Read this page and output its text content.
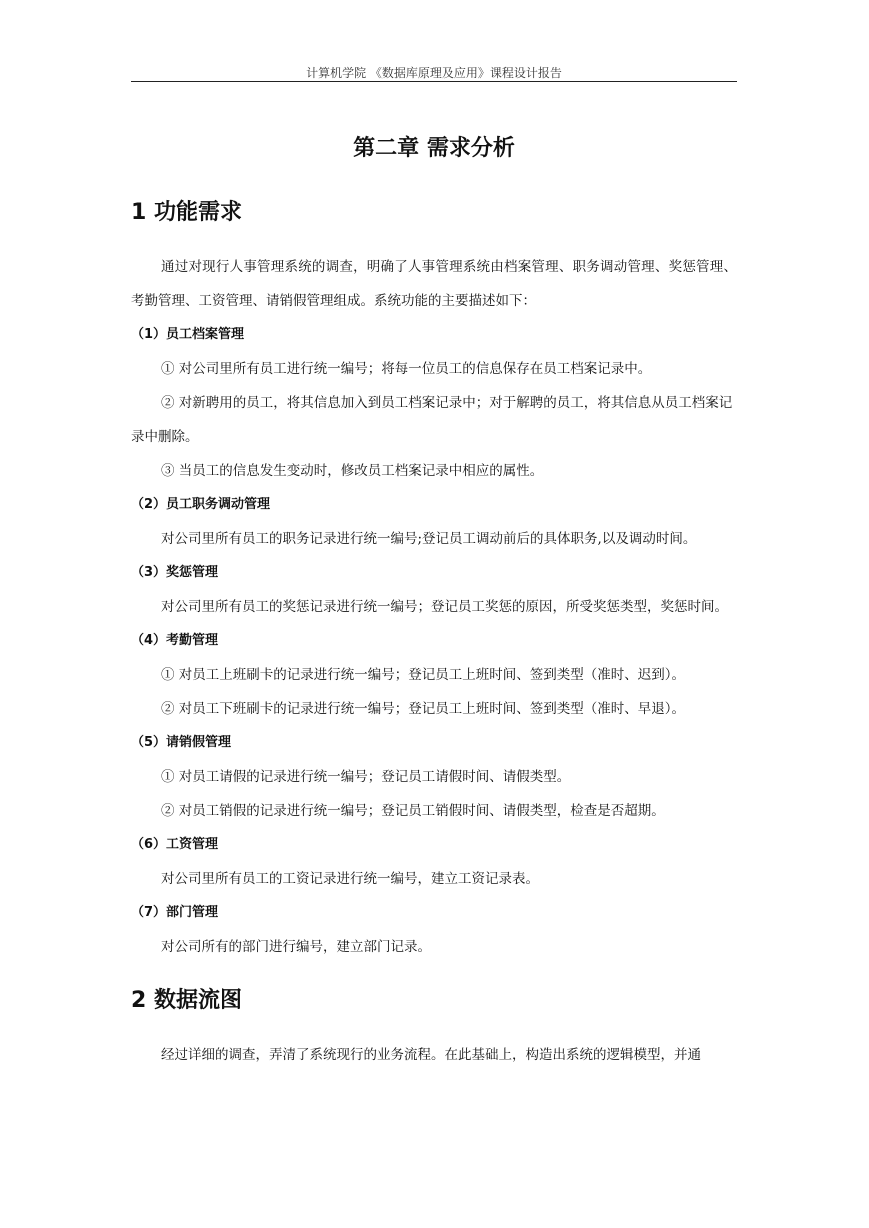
计算机学院 《数据库原理及应用》课程设计报告
第二章 需求分析
1 功能需求

通过对现行人事管理系统的调查，明确了人事管理系统由档案管理、职务调动管理、奖惩管理、考勤管理、工资管理、请销假管理组成。系统功能的主要描述如下：

（1）员工档案管理

① 对公司里所有员工进行统一编号；将每一位员工的信息保存在员工档案记录中。

② 对新聘用的员工，将其信息加入到员工档案记录中；对于解聘的员工，将其信息从员工档案记录中删除。

③ 当员工的信息发生变动时，修改员工档案记录中相应的属性。

（2）员工职务调动管理

对公司里所有员工的职务记录进行统一编号;登记员工调动前后的具体职务,以及调动时间。

（3）奖惩管理

对公司里所有员工的奖惩记录进行统一编号；登记员工奖惩的原因，所受奖惩类型，奖惩时间。

（4）考勤管理

① 对员工上班刷卡的记录进行统一编号；登记员工上班时间、签到类型（准时、迟到）。

② 对员工下班刷卡的记录进行统一编号；登记员工上班时间、签到类型（准时、早退）。

（5）请销假管理

① 对员工请假的记录进行统一编号；登记员工请假时间、请假类型。

② 对员工销假的记录进行统一编号；登记员工销假时间、请假类型，检查是否超期。

（6）工资管理

对公司里所有员工的工资记录进行统一编号，建立工资记录表。

（7）部门管理

对公司所有的部门进行编号，建立部门记录。

2 数据流图

经过详细的调查，弄清了系统现行的业务流程。在此基础上，构造出系统的逻辑模型，并通
